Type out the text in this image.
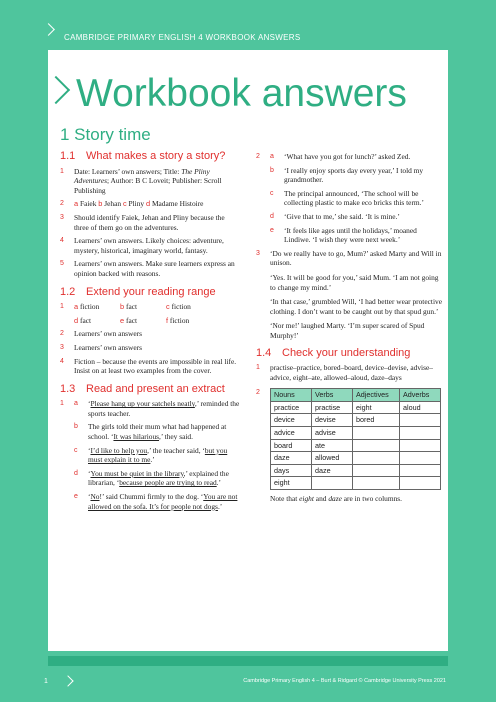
CAMBRIDGE PRIMARY ENGLISH 4 WORKBOOK ANSWERS
Workbook answers
1 Story time

1.1 What makes a story a story?

1 Date: Learners’ own answers; Title: The Pliny Adventures; Author: B C Loveit; Publisher: Scroll Publishing
2 a Faiek b Jehan c Pliny d Madame Histoire
3 Should identify Faiek, Jehan and Pliny because the three of them go on the adventures.
4 Learners’ own answers. Likely choices: adventure, mystery, historical, imaginary world, fantasy.
5 Learners’ own answers. Make sure learners express an opinion backed with reasons.

1.2 Extend your reading range

1 a fiction	b fact	c fiction
d fact	e fact	f fiction
2 Learners’ own answers
3 Learners’ own answers
4 Fiction – because the events are impossible in real life. Insist on at least two examples from the cover.

1.3 Read and present an extract

1 a ‘Please hang up your satchels neatly,’ reminded the sports teacher.
b The girls told their mum what had happened at school. ‘It was hilarious,’ they said.
c ‘I’d like to help you,’ the teacher said, ‘but you must explain it to me.’
d ‘You must be quiet in the library,’ explained the librarian, ‘because people are trying to read.’
e ‘No!’ said Chummi firmly to the dog. ‘You are not allowed on the sofa. It’s for people not dogs.’
2 a ‘What have you got for lunch?’ asked Zed.
b ‘I really enjoy sports day every year,’ I told my grandmother.
c The principal announced, ‘The school will be collecting plastic to make eco bricks this term.’
d ‘Give that to me,’ she said. ‘It is mine.’
e ‘It feels like ages until the holidays,’ moaned Lindiwe. ‘I wish they were next week.’
3 ‘Do we really have to go, Mum?’ asked Marty and Will in unison.
‘Yes. It will be good for you,’ said Mum. ‘I am not going to change my mind.’
‘In that case,’ grumbled Will, ‘I had better wear protective clothing. I don’t want to be caught out by that spud gun.’
‘Nor me!’ laughed Marty. ‘I’m super scared of Spud Murphy!’

1.4 Check your understanding

1 practise–practice, bored–board, device–devise, advise–advice, eight–ate, allowed–aloud, daze–days
2 Nouns	Verbs	Adjectives	Adverbs
practice	practise	eight	aloud
device	devise	bored	
advice	advise		
board	ate		
daze	allowed		
days	daze		
eight			
Note that eight and daze are in two columns.
1	Cambridge Primary English 4 – Burt & Ridgard © Cambridge University Press 2021
